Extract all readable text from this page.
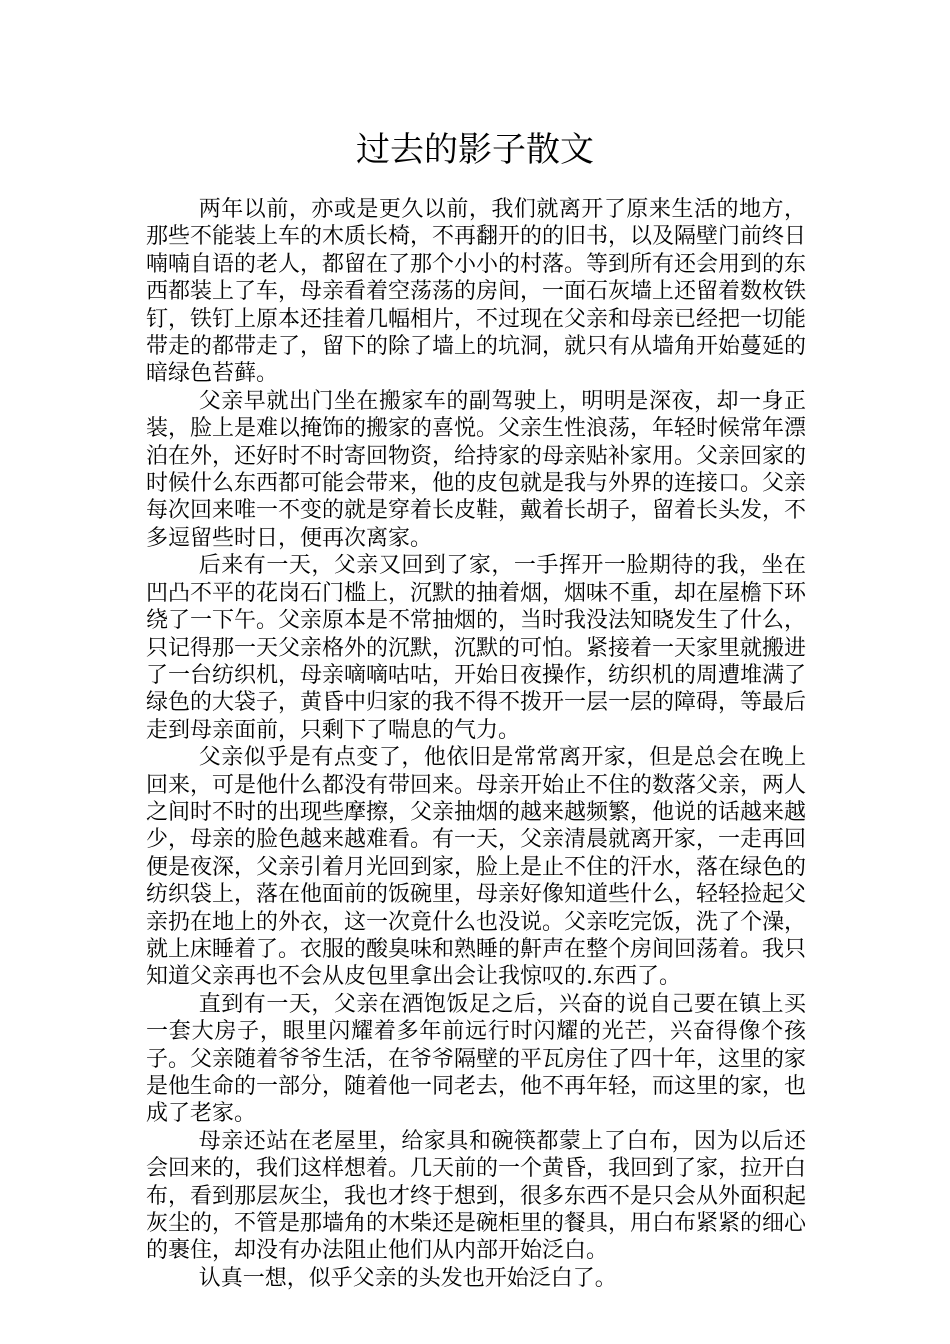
过去的影子散文

两年以前，亦或是更久以前，我们就离开了原来生活的地方，那些不能装上车的木质长椅，不再翻开的的旧书，以及隔壁门前终日喃喃自语的老人，都留在了那个小小的村落。等到所有还会用到的东西都装上了车，母亲看着空荡荡的房间，一面石灰墙上还留着数枚铁钉，铁钉上原本还挂着几幅相片，不过现在父亲和母亲已经把一切能带走的都带走了，留下的除了墙上的坑洞，就只有从墙角开始蔓延的暗绿色苔藓。

父亲早就出门坐在搬家车的副驾驶上，明明是深夜，却一身正装，脸上是难以掩饰的搬家的喜悦。父亲生性浪荡，年轻时候常年漂泊在外，还好时不时寄回物资，给持家的母亲贴补家用。父亲回家的时候什么东西都可能会带来，他的皮包就是我与外界的连接口。父亲每次回来唯一不变的就是穿着长皮鞋，戴着长胡子，留着长头发，不多逗留些时日，便再次离家。

后来有一天，父亲又回到了家，一手挥开一脸期待的我，坐在凹凸不平的花岗石门槛上，沉默的抽着烟，烟味不重，却在屋檐下环绕了一下午。父亲原本是不常抽烟的，当时我没法知晓发生了什么，只记得那一天父亲格外的沉默，沉默的可怕。紧接着一天家里就搬进了一台纺织机，母亲嘀嘀咕咕，开始日夜操作，纺织机的周遭堆满了绿色的大袋子，黄昏中归家的我不得不拨开一层一层的障碍，等最后走到母亲面前，只剩下了喘息的气力。

父亲似乎是有点变了，他依旧是常常离开家，但是总会在晚上回来，可是他什么都没有带回来。母亲开始止不住的数落父亲，两人之间时不时的出现些摩擦，父亲抽烟的越来越频繁，他说的话越来越少，母亲的脸色越来越难看。有一天，父亲清晨就离开家，一走再回便是夜深，父亲引着月光回到家，脸上是止不住的汗水，落在绿色的纺织袋上，落在他面前的饭碗里，母亲好像知道些什么，轻轻捡起父亲扔在地上的外衣，这一次竟什么也没说。父亲吃完饭，洗了个澡，就上床睡着了。衣服的酸臭味和熟睡的鼾声在整个房间回荡着。我只知道父亲再也不会从皮包里拿出会让我惊叹的.东西了。

直到有一天，父亲在酒饱饭足之后，兴奋的说自己要在镇上买一套大房子，眼里闪耀着多年前远行时闪耀的光芒，兴奋得像个孩子。父亲随着爷爷生活，在爷爷隔壁的平瓦房住了四十年，这里的家是他生命的一部分，随着他一同老去，他不再年轻，而这里的家，也成了老家。

母亲还站在老屋里，给家具和碗筷都蒙上了白布，因为以后还会回来的，我们这样想着。几天前的一个黄昏，我回到了家，拉开白布，看到那层灰尘，我也才终于想到，很多东西不是只会从外面积起灰尘的，不管是那墙角的木柴还是碗柜里的餐具，用白布紧紧的细心的裹住，却没有办法阻止他们从内部开始泛白。

认真一想，似乎父亲的头发也开始泛白了。
